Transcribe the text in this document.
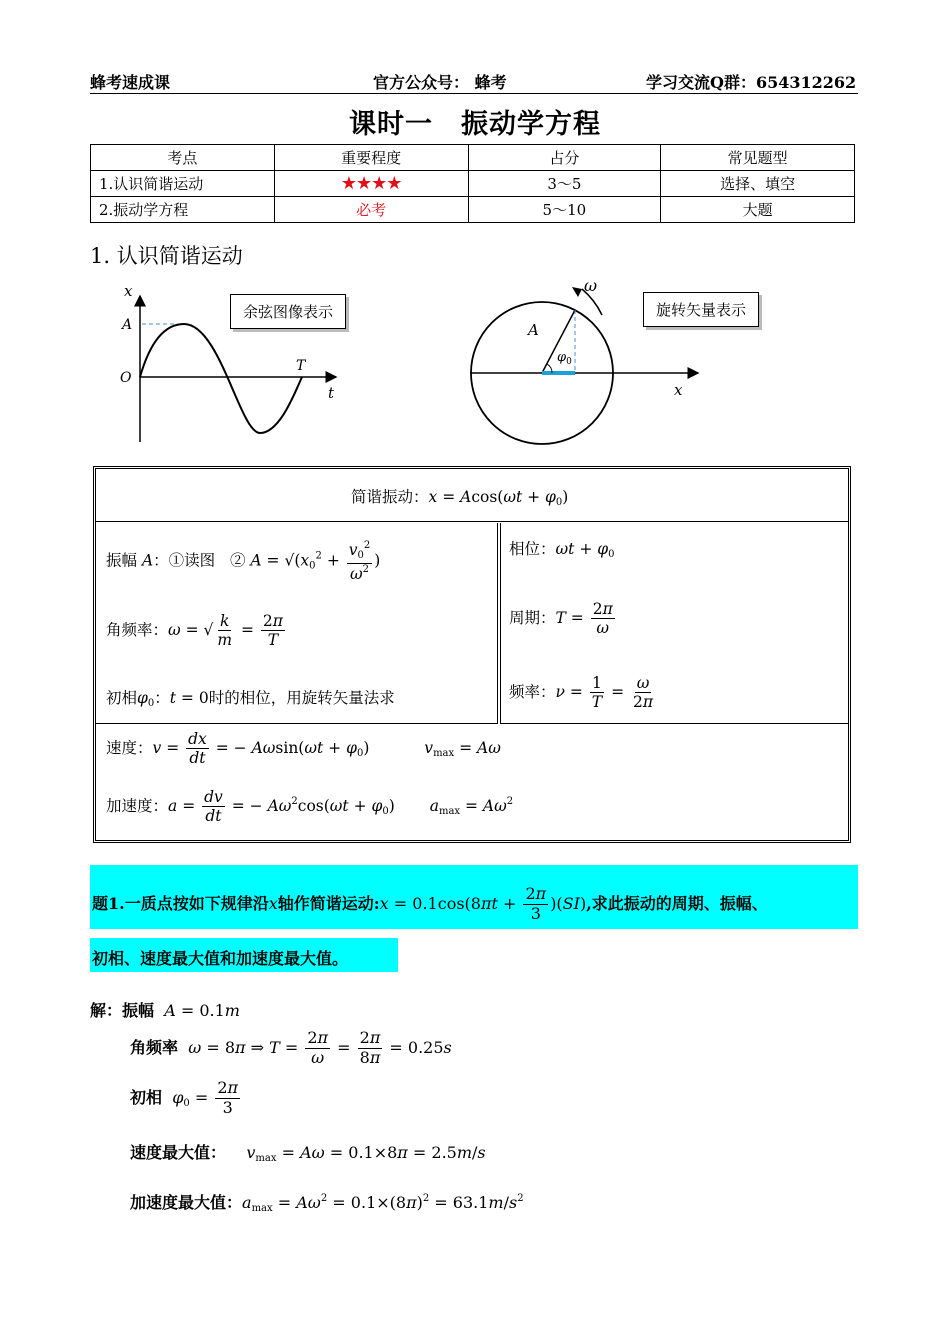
蜂考速成课	官方公众号： 蜂考	学习交流Q群：654312262
课时一　振动学方程
考点	重要程度	占分	常见题型
1.认识简谐运动	★★★★	3～5	选择、填空
2.振动学方程	必考	5～10	大题
1. 认识简谐运动
x
A
O
T
t
余弦图像表示
ω
A
$\varphi_0$
x
旋转矢量表示
简谐振动：$x = Acos(\omega t + \varphi_0)$
振幅 A：①读图 ② $A = √(x_0^2 + \frac{v_0^2}{\omega^2}$ )
角频率：ω = √ $\frac{k}{m} = \frac{2\pi}{T}$
初相$\varphi_0$：t = 0时的相位，用旋转矢量法求
相位：$\omega t + \varphi_0$
周期：$T = \frac{2\pi}{\omega}$
频率：$\nu = \frac{1}{T} = \frac{\omega}{2\pi}$
速度：$v = \frac{dx}{dt}$ = − $A\omega\sin(\omega t + \varphi_0)$	$v_{max} = A\omega$
加速度：$a = \frac{dv}{dt}$ = − $A\omega^2\cos(\omega t + \varphi_0) a_{max} = A\omega^2$
题1.一质点按如下规律沿x轴作简谐运动:x = $0.1\cos(8\pi t + \frac{2\pi}{3} )(SI)$,求此振动的周期、振幅、
初相、速度最大值和加速度最大值。
解：振幅 A = 0.1m
角频率 ω = 8π ⇒ $T = \frac{2\pi}{\omega} = \frac{2\pi}{8\pi} = 0.25s$
初相 $\varphi_0 = \frac{2\pi}{3}$
速度最大值： $v_{max} = A\omega = 0.1\times 8\pi = 2.5m/s$
加速度最大值：$a_{max} = A\omega^2 = 0.1\times(8\pi)^2 = 63.1m/s^2$
